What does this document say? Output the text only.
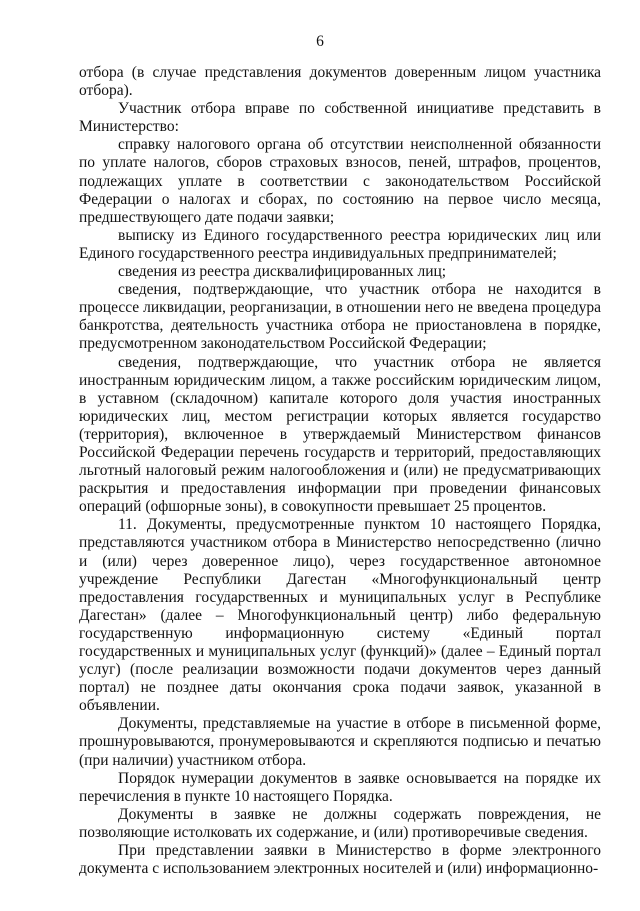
6

отбора (в случае представления документов доверенным лицом участника отбора).

Участник отбора вправе по собственной инициативе представить в Министерство:

справку налогового органа об отсутствии неисполненной обязанности по уплате налогов, сборов страховых взносов, пеней, штрафов, процентов, подлежащих уплате в соответствии с законодательством Российской Федерации о налогах и сборах, по состоянию на первое число месяца, предшествующего дате подачи заявки;

выписку из Единого государственного реестра юридических лиц или Единого государственного реестра индивидуальных предпринимателей;

сведения из реестра дисквалифицированных лиц;

сведения, подтверждающие, что участник отбора не находится в процессе ликвидации, реорганизации, в отношении него не введена процедура банкротства, деятельность участника отбора не приостановлена в порядке, предусмотренном законодательством Российской Федерации;

сведения, подтверждающие, что участник отбора не является иностранным юридическим лицом, а также российским юридическим лицом, в уставном (складочном) капитале которого доля участия иностранных юридических лиц, местом регистрации которых является государство (территория), включенное в утверждаемый Министерством финансов Российской Федерации перечень государств и территорий, предоставляющих льготный налоговый режим налогообложения и (или) не предусматривающих раскрытия и предоставления информации при проведении финансовых операций (офшорные зоны), в совокупности превышает 25 процентов.

11. Документы, предусмотренные пунктом 10 настоящего Порядка, представляются участником отбора в Министерство непосредственно (лично и (или) через доверенное лицо), через государственное автономное учреждение Республики Дагестан «Многофункциональный центр предоставления государственных и муниципальных услуг в Республике Дагестан» (далее – Многофункциональный центр) либо федеральную государственную информационную систему «Единый портал государственных и муниципальных услуг (функций)» (далее – Единый портал услуг) (после реализации возможности подачи документов через данный портал) не позднее даты окончания срока подачи заявок, указанной в объявлении.

Документы, представляемые на участие в отборе в письменной форме, прошнуровываются, пронумеровываются и скрепляются подписью и печатью (при наличии) участником отбора.

Порядок нумерации документов в заявке основывается на порядке их перечисления в пункте 10 настоящего Порядка.

Документы в заявке не должны содержать повреждения, не позволяющие истолковать их содержание, и (или) противоречивые сведения.

При представлении заявки в Министерство в форме электронного документа с использованием электронных носителей и (или) информационно-
